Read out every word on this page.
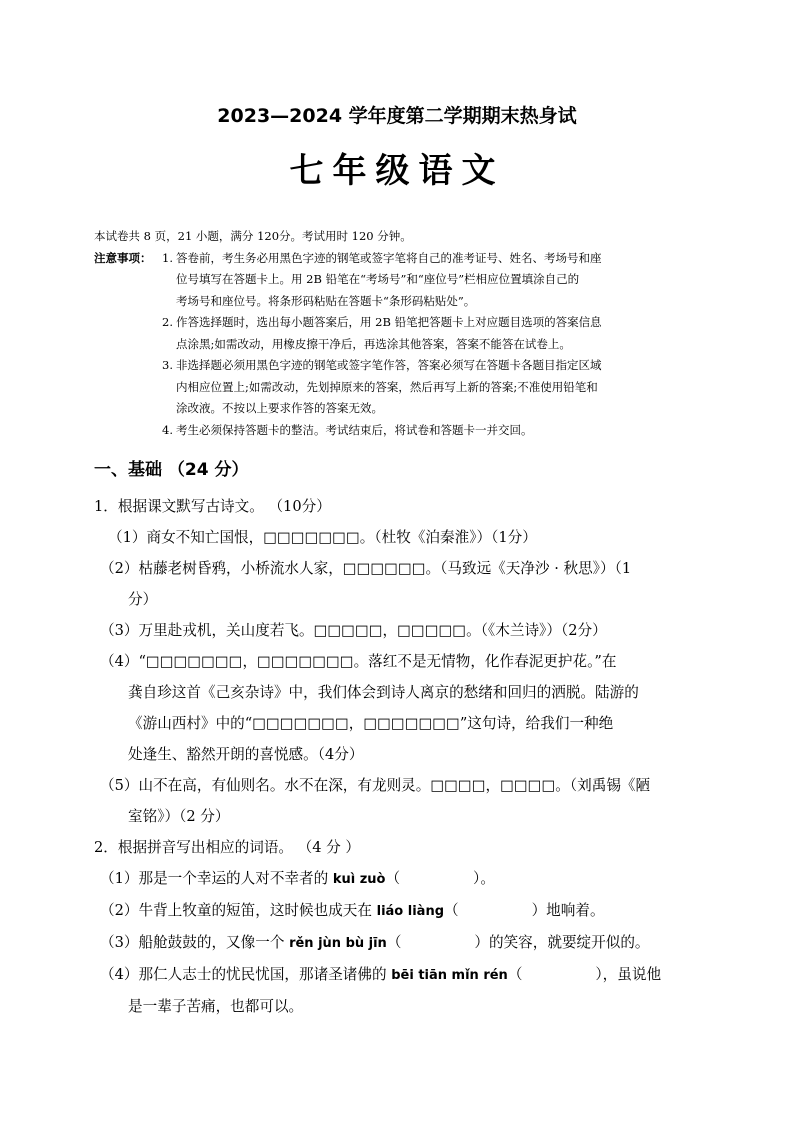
2023—2024 学年度第二学期期末热身试
七年级语文
本试卷共 8 页，21 小题，满分 120分。考试用时 120 分钟。
注意事项： 1. 答卷前，考生务必用黑色字迹的钢笔或签字笔将自己的准考证号、姓名、考场号和座
位号填写在答题卡上。用 2B 铅笔在“考场号”和“座位号”栏相应位置填涂自己的
考场号和座位号。将条形码粘贴在答题卡“条形码粘贴处”。
2. 作答选择题时，选出每小题答案后，用 2B 铅笔把答题卡上对应题目选项的答案信息
点涂黑;如需改动，用橡皮擦干净后，再选涂其他答案，答案不能答在试卷上。
3. 非选择题必须用黑色字迹的钢笔或签字笔作答，答案必须写在答题卡各题目指定区域
内相应位置上;如需改动，先划掉原来的答案，然后再写上新的答案;不准使用铅笔和
涂改液。不按以上要求作答的答案无效。
4. 考生必须保持答题卡的整洁。考试结束后，将试卷和答题卡一并交回。
一、基础 （24 分）
1．根据课文默写古诗文。 （10分）
（1）商女不知亡国恨，□□□□□□□。（杜牧《泊秦淮》）（1分）
（2）枯藤老树昏鸦，小桥流水人家，□□□□□□。（马致远《天净沙 · 秋思》）（1
分）
（3）万里赴戎机，关山度若飞。□□□□□，□□□□□。（《木兰诗》）（2分）
（4）“□□□□□□□，□□□□□□□。落红不是无情物，化作春泥更护花。”在
龚自珍这首《己亥杂诗》中，我们体会到诗人离京的愁绪和回归的洒脱。陆游的
《游山西村》中的“□□□□□□□，□□□□□□□”这句诗，给我们一种绝
处逢生、豁然开朗的喜悦感。（4分）
（5）山不在高，有仙则名。水不在深，有龙则灵。□□□□，□□□□。（刘禹锡《陋
室铭》）（2 分）
2．根据拼音写出相应的词语。 （4 分 ）
（1）那是一个幸运的人对不幸者的 kuì zuò（　　　　　）。
（2）牛背上牧童的短笛，这时候也成天在 liáo liàng（　　　　　）地响着。
（3）船舱鼓鼓的，又像一个 rěn jùn bù jīn（　　　　　）的笑容，就要绽开似的。
（4）那仁人志士的忧民忧国，那诸圣诸佛的 bēi tiān mǐn rén（　　　　　），虽说他
是一辈子苦痛，也都可以。
